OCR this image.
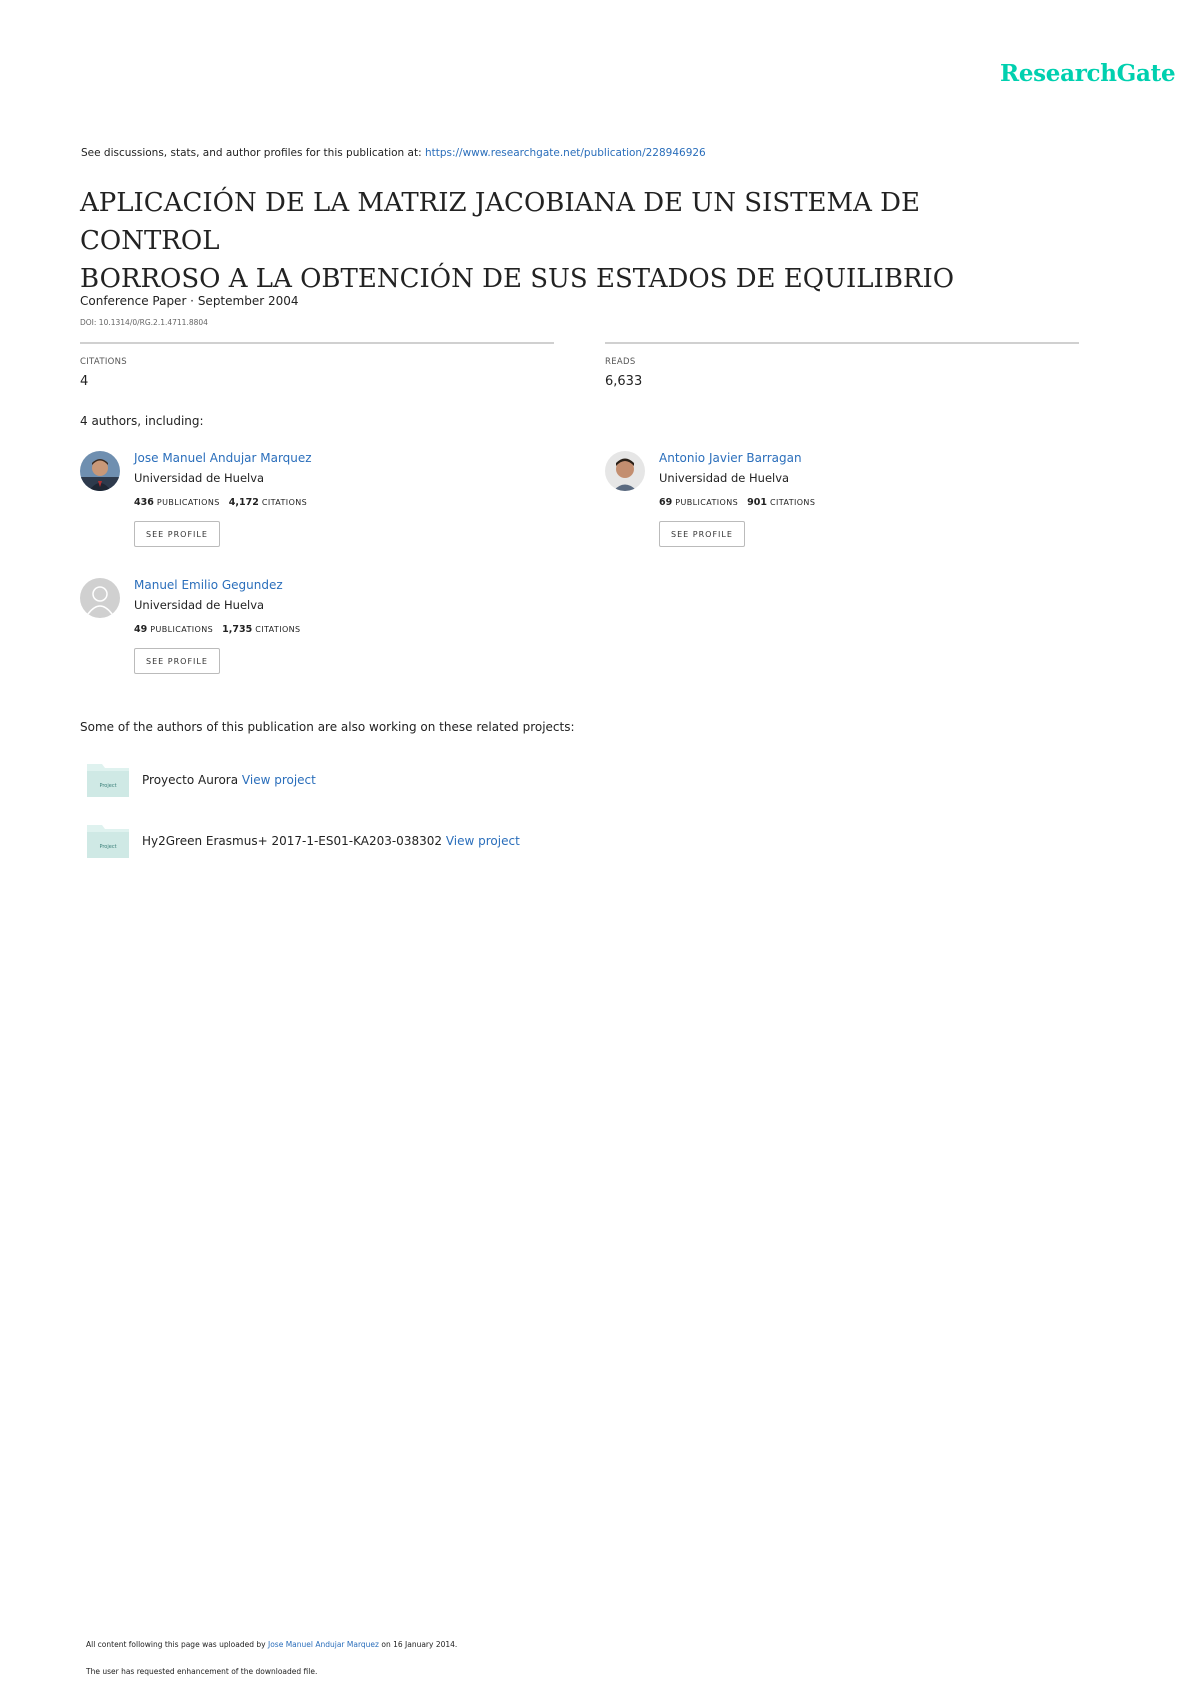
ResearchGate
See discussions, stats, and author profiles for this publication at: https://www.researchgate.net/publication/228946926
APLICACIÓN DE LA MATRIZ JACOBIANA DE UN SISTEMA DE CONTROL
BORROSO A LA OBTENCIÓN DE SUS ESTADOS DE EQUILIBRIO
Conference Paper · September 2004
DOI: 10.1314/0/RG.2.1.4711.8804
CITATIONS
4
READS
6,633
4 authors, including:
Jose Manuel Andujar Marquez
Universidad de Huelva
436 PUBLICATIONS 4,172 CITATIONS
SEE PROFILE
Antonio Javier Barragan
Universidad de Huelva
69 PUBLICATIONS 901 CITATIONS
SEE PROFILE
Manuel Emilio Gegundez
Universidad de Huelva
49 PUBLICATIONS 1,735 CITATIONS
SEE PROFILE
Some of the authors of this publication are also working on these related projects:
Project Proyecto Aurora View project
Project Hy2Green Erasmus+ 2017-1-ES01-KA203-038302 View project
All content following this page was uploaded by Jose Manuel Andujar Marquez on 16 January 2014.
The user has requested enhancement of the downloaded file.
